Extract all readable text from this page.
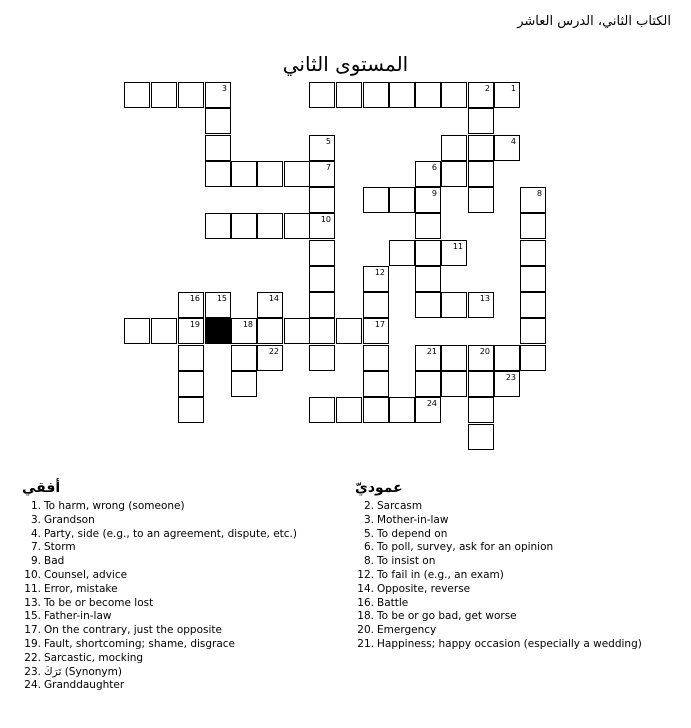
الكتاب الثاني، الدرس العاشر
المستوى الثاني
3	2	1
5	4
7	6
9	8
10
11
12
16 15	14	13
19	18	17
22	21	20
23
24
أفقي
1. To harm, wrong (someone)
3. Grandson
4. Party, side (e.g., to an agreement, dispute, etc.)
7. Storm
9. Bad
10. Counsel, advice
11. Error, mistake
13. To be or become lost
15. Father-in-law
17. On the contrary, just the opposite
19. Fault, shortcoming; shame, disgrace
22. Sarcastic, mocking
23. تَرَكَ (Synonym)
24. Granddaughter
عموديّ
2. Sarcasm
3. Mother-in-law
5. To depend on
6. To poll, survey, ask for an opinion
8. To insist on
12. To fail in (e.g., an exam)
14. Opposite, reverse
16. Battle
18. To be or go bad, get worse
20. Emergency
21. Happiness; happy occasion (especially a wedding)
